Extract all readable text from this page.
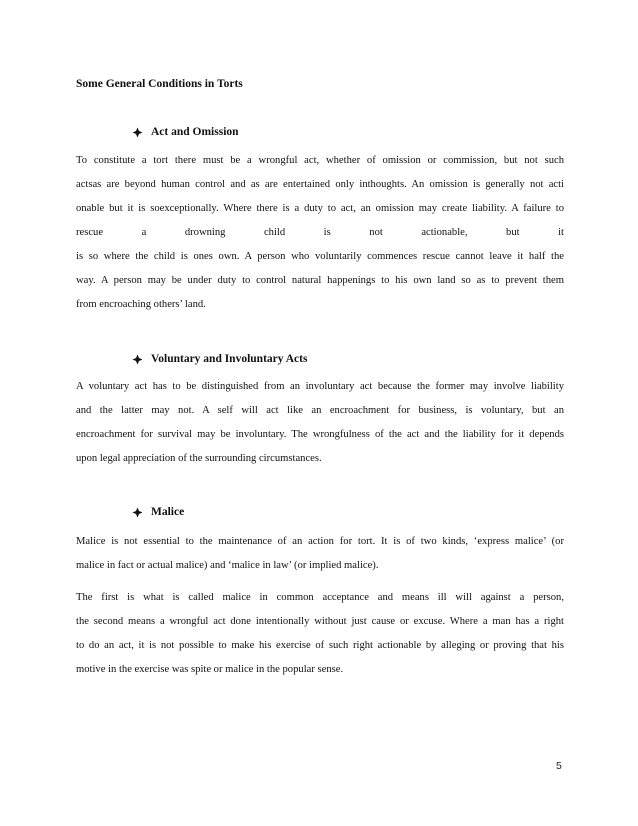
Some General Conditions in Torts
Act and Omission
To constitute a tort there must be a wrongful act, whether of omission or commission, but not such
actsas are beyond human control and as are entertained only inthoughts. An omission is generally not acti
onable but it is soexceptionally. Where there is a duty to act, an omission may create liability. A failure to
rescue a drowning child is not actionable, but it
is so where the child is ones own. A person who voluntarily commences rescue cannot leave it half the
way. A person may be under duty to control natural happenings to his own land so as to prevent them
from encroaching others’ land.
Voluntary and Involuntary Acts
A voluntary act has to be distinguished from an involuntary act because the former may involve liability
and the latter may not. A self will act like an encroachment for business, is voluntary, but an
encroachment for survival may be involuntary. The wrongfulness of the act and the liability for it depends
upon legal appreciation of the surrounding circumstances.
Malice
Malice is not essential to the maintenance of an action for tort. It is of two kinds, ‘express malice’ (or
malice in fact or actual malice) and ‘malice in law’ (or implied malice).
The first is what is called malice in common acceptance and means ill will against a person,
the second means a wrongful act done intentionally without just cause or excuse. Where a man has a right
to do an act, it is not possible to make his exercise of such right actionable by alleging or proving that his
motive in the exercise was spite or malice in the popular sense.
5
